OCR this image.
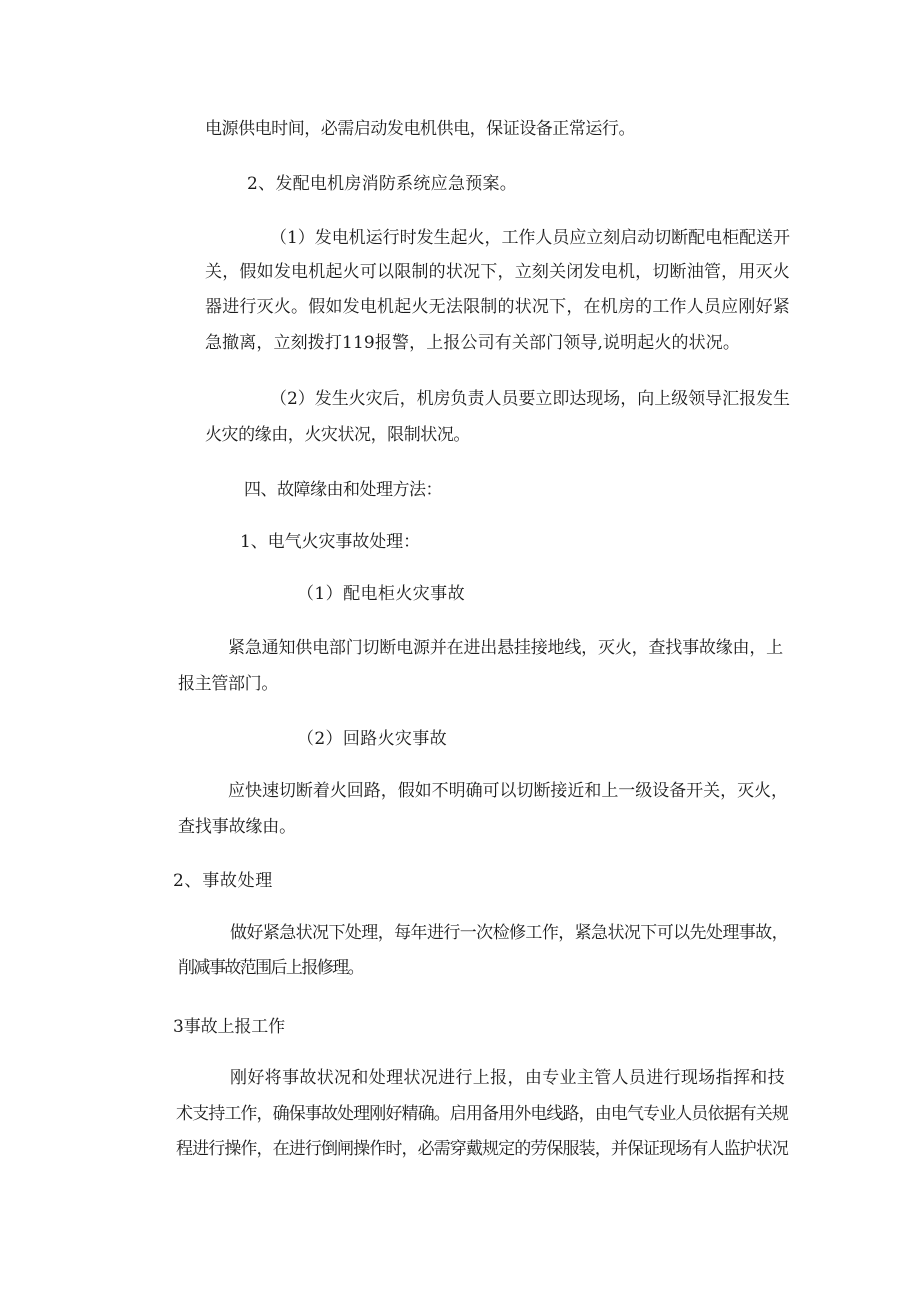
电源供电时间，必需启动发电机供电，保证设备正常运行。
2、发配电机房消防系统应急预案。
（1）发电机运行时发生起火，工作人员应立刻启动切断配电柜配送开
关，假如发电机起火可以限制的状况下，立刻关闭发电机，切断油管，用灭火
器进行灭火。假如发电机起火无法限制的状况下，在机房的工作人员应刚好紧
急撤离，立刻拨打119报警，上报公司有关部门领导,说明起火的状况。
（2）发生火灾后，机房负责人员要立即达现场，向上级领导汇报发生
火灾的缘由，火灾状况，限制状况。
四、故障缘由和处理方法：
1、电气火灾事故处理：
（1）配电柜火灾事故
紧急通知供电部门切断电源并在进出悬挂接地线，灭火，查找事故缘由，上
报主管部门。
（2）回路火灾事故
应快速切断着火回路，假如不明确可以切断接近和上一级设备开关，灭火，
查找事故缘由。
2、事故处理
做好紧急状况下处理，每年进行一次检修工作，紧急状况下可以先处理事故，
削减事故范围后上报修理。
3事故上报工作
刚好将事故状况和处理状况进行上报，由专业主管人员进行现场指挥和技
术支持工作，确保事故处理刚好精确。启用备用外电线路，由电气专业人员依据有关规
程进行操作，在进行倒闸操作时，必需穿戴规定的劳保服装，并保证现场有人监护状况
